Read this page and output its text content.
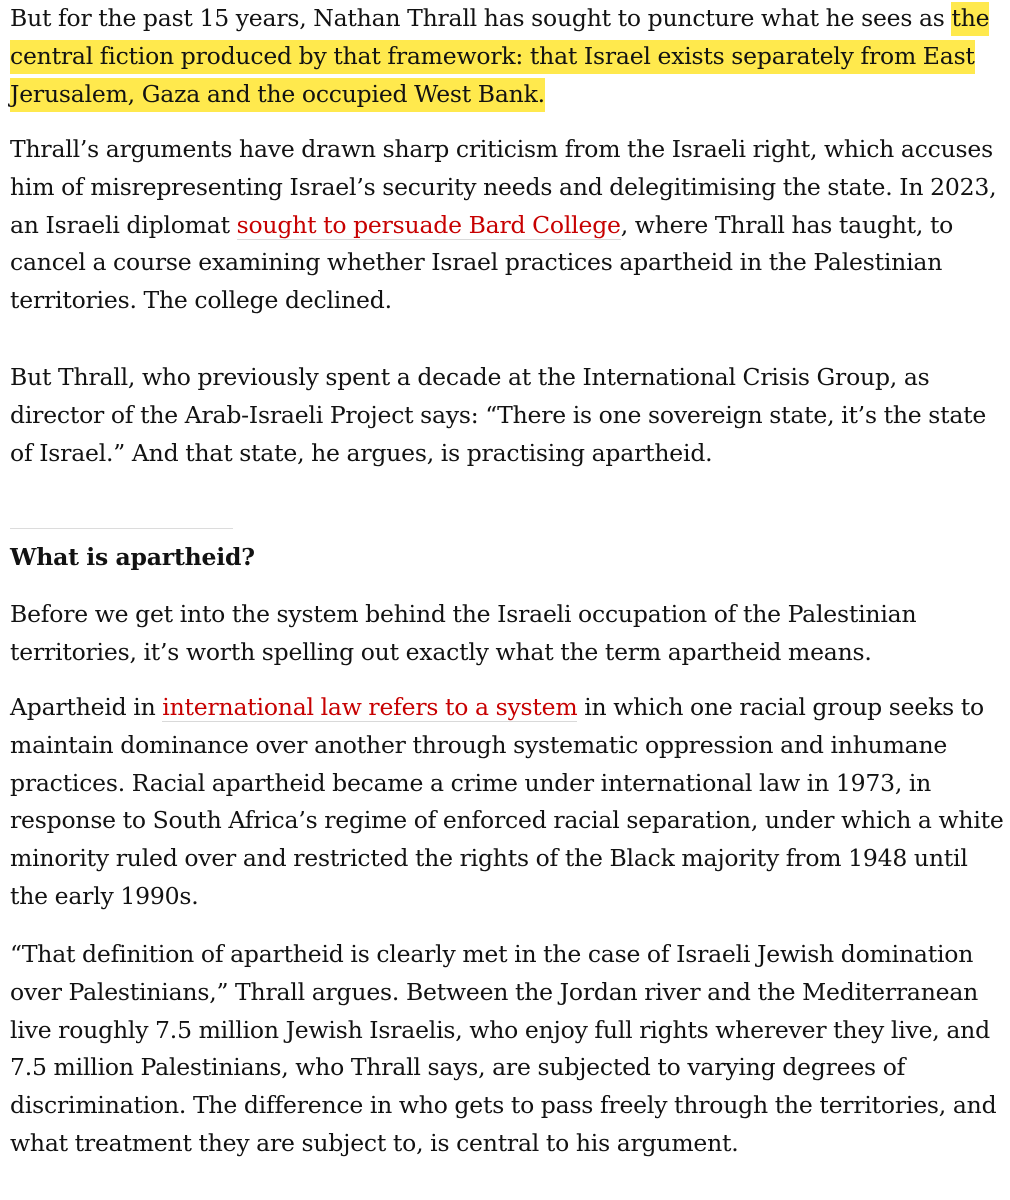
But for the past 15 years, Nathan Thrall has sought to puncture what he sees as the central fiction produced by that framework: that Israel exists separately from East Jerusalem, Gaza and the occupied West Bank.

Thrall’s arguments have drawn sharp criticism from the Israeli right, which accuses him of misrepresenting Israel’s security needs and delegitimising the state. In 2023, an Israeli diplomat sought to persuade Bard College, where Thrall has taught, to cancel a course examining whether Israel practices apartheid in the Palestinian territories. The college declined.

But Thrall, who previously spent a decade at the International Crisis Group, as director of the Arab-Israeli Project says: “There is one sovereign state, it’s the state of Israel.” And that state, he argues, is practising apartheid.

What is apartheid?

Before we get into the system behind the Israeli occupation of the Palestinian territories, it’s worth spelling out exactly what the term apartheid means.

Apartheid in international law refers to a system in which one racial group seeks to maintain dominance over another through systematic oppression and inhumane practices. Racial apartheid became a crime under international law in 1973, in response to South Africa’s regime of enforced racial separation, under which a white minority ruled over and restricted the rights of the Black majority from 1948 until the early 1990s.

“That definition of apartheid is clearly met in the case of Israeli Jewish domination over Palestinians,” Thrall argues. Between the Jordan river and the Mediterranean live roughly 7.5 million Jewish Israelis, who enjoy full rights wherever they live, and 7.5 million Palestinians, who Thrall says, are subjected to varying degrees of discrimination. The difference in who gets to pass freely through the territories, and what treatment they are subject to, is central to his argument.
